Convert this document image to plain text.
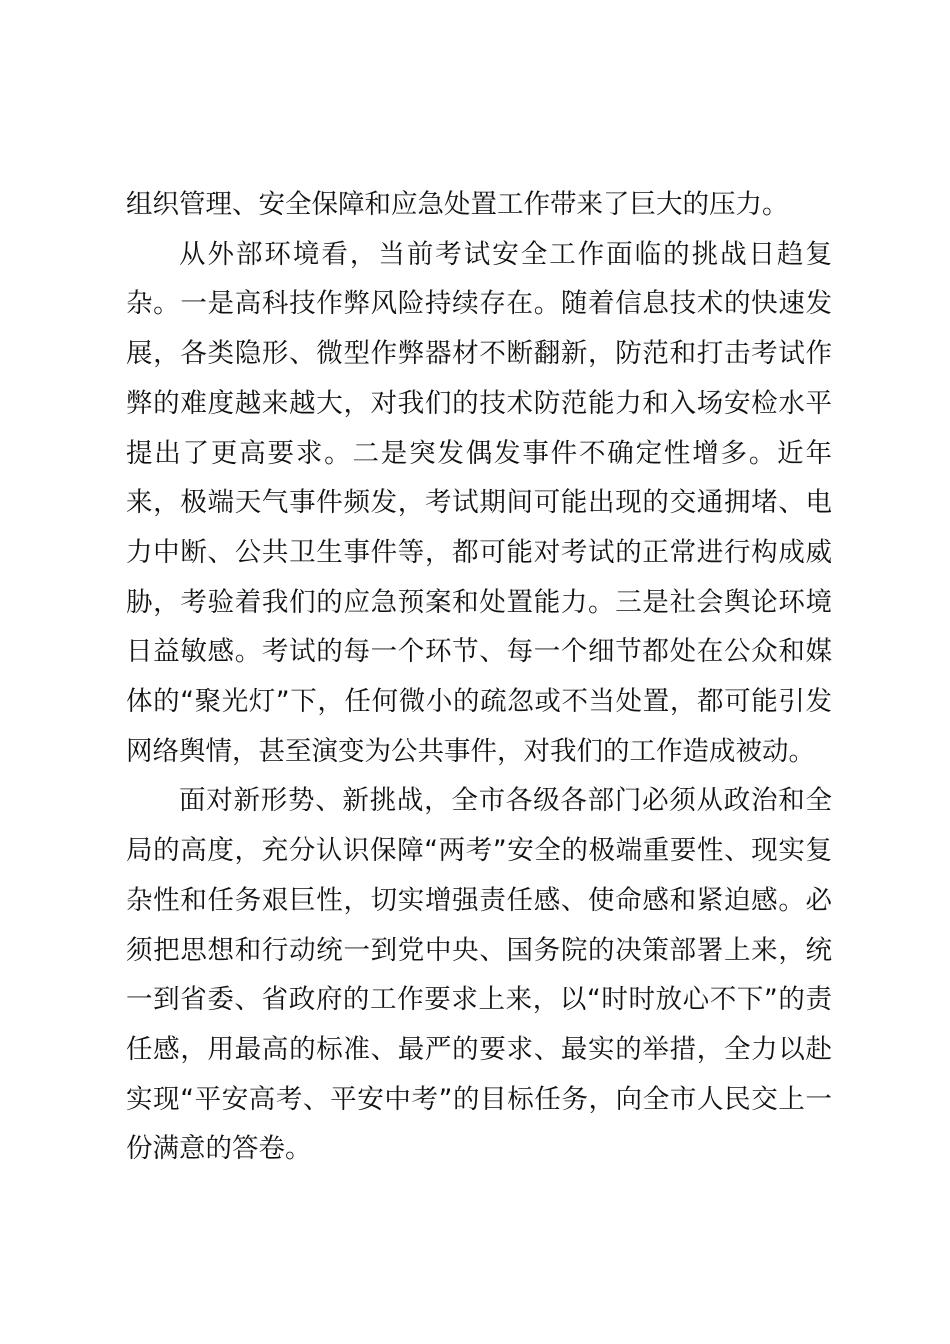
组织管理、安全保障和应急处置工作带来了巨大的压力。

从外部环境看，当前考试安全工作面临的挑战日趋复杂。一是高科技作弊风险持续存在。随着信息技术的快速发展，各类隐形、微型作弊器材不断翻新，防范和打击考试作弊的难度越来越大，对我们的技术防范能力和入场安检水平提出了更高要求。二是突发偶发事件不确定性增多。近年来，极端天气事件频发，考试期间可能出现的交通拥堵、电力中断、公共卫生事件等，都可能对考试的正常进行构成威胁，考验着我们的应急预案和处置能力。三是社会舆论环境日益敏感。考试的每一个环节、每一个细节都处在公众和媒体的“聚光灯”下，任何微小的疏忽或不当处置，都可能引发网络舆情，甚至演变为公共事件，对我们的工作造成被动。

面对新形势、新挑战，全市各级各部门必须从政治和全局的高度，充分认识保障“两考”安全的极端重要性、现实复杂性和任务艰巨性，切实增强责任感、使命感和紧迫感。必须把思想和行动统一到党中央、国务院的决策部署上来，统一到省委、省政府的工作要求上来，以“时时放心不下”的责任感，用最高的标准、最严的要求、最实的举措，全力以赴实现“平安高考、平安中考”的目标任务，向全市人民交上一份满意的答卷。
